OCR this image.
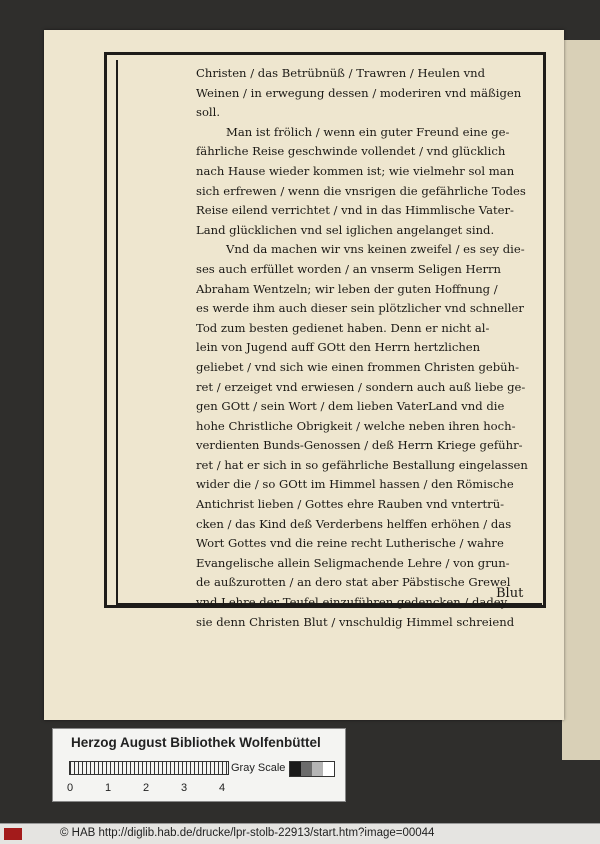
Christen / das Betrübnüß / Trawren / Heulen vnd
Weinen / in erwegung dessen / moderiren vnd mäßigen
soll.
Man ist frölich / wenn ein guter Freund eine ge-
fährliche Reise geschwinde vollendet / vnd glücklich
nach Hause wieder kommen ist; wie vielmehr sol man
sich erfrewen / wenn die vnsrigen die gefährliche Todes
Reise eilend verrichtet / vnd in das Himmlische Vater-
Land glücklichen vnd sel iglichen angelanget sind.
Vnd da machen wir vns keinen zweifel / es sey die-
ses auch erfüllet worden / an vnserm Seligen Herrn
Abraham Wentzeln; wir leben der guten Hoffnung /
es werde ihm auch dieser sein plötzlicher vnd schneller
Tod zum besten gedienet haben. Denn er nicht al-
lein von Jugend auff GOtt den Herrn hertzlichen
geliebet / vnd sich wie einen frommen Christen gebüh-
ret / erzeiget vnd erwiesen / sondern auch auß liebe ge-
gen GOtt / sein Wort / dem lieben VaterLand vnd die
hohe Christliche Obrigkeit / welche neben ihren hoch-
verdienten Bunds-Genossen / deß Herrn Kriege geführ-
ret / hat er sich in so gefährliche Bestallung eingelassen
wider die / so GOtt im Himmel hassen / den Römische
Antichrist lieben / Gottes ehre Rauben vnd vntertrü-
cken / das Kind deß Verderbens helffen erhöhen / das
Wort Gottes vnd die reine recht Lutherische / wahre
Evangelische allein Seligmachende Lehre / von grun-
de außzurotten / an dero stat aber Päbstische Grewel
vnd Lehre der Teufel einzuführen gedencken / dadey
sie denn Christen Blut / vnschuldig Himmel schreiend
Blut
Herzog August Bibliothek Wolfenbüttel
0	1	2	3	4
Gray Scale
© HAB http://diglib.hab.de/drucke/lpr-stolb-22913/start.htm?image=00044
